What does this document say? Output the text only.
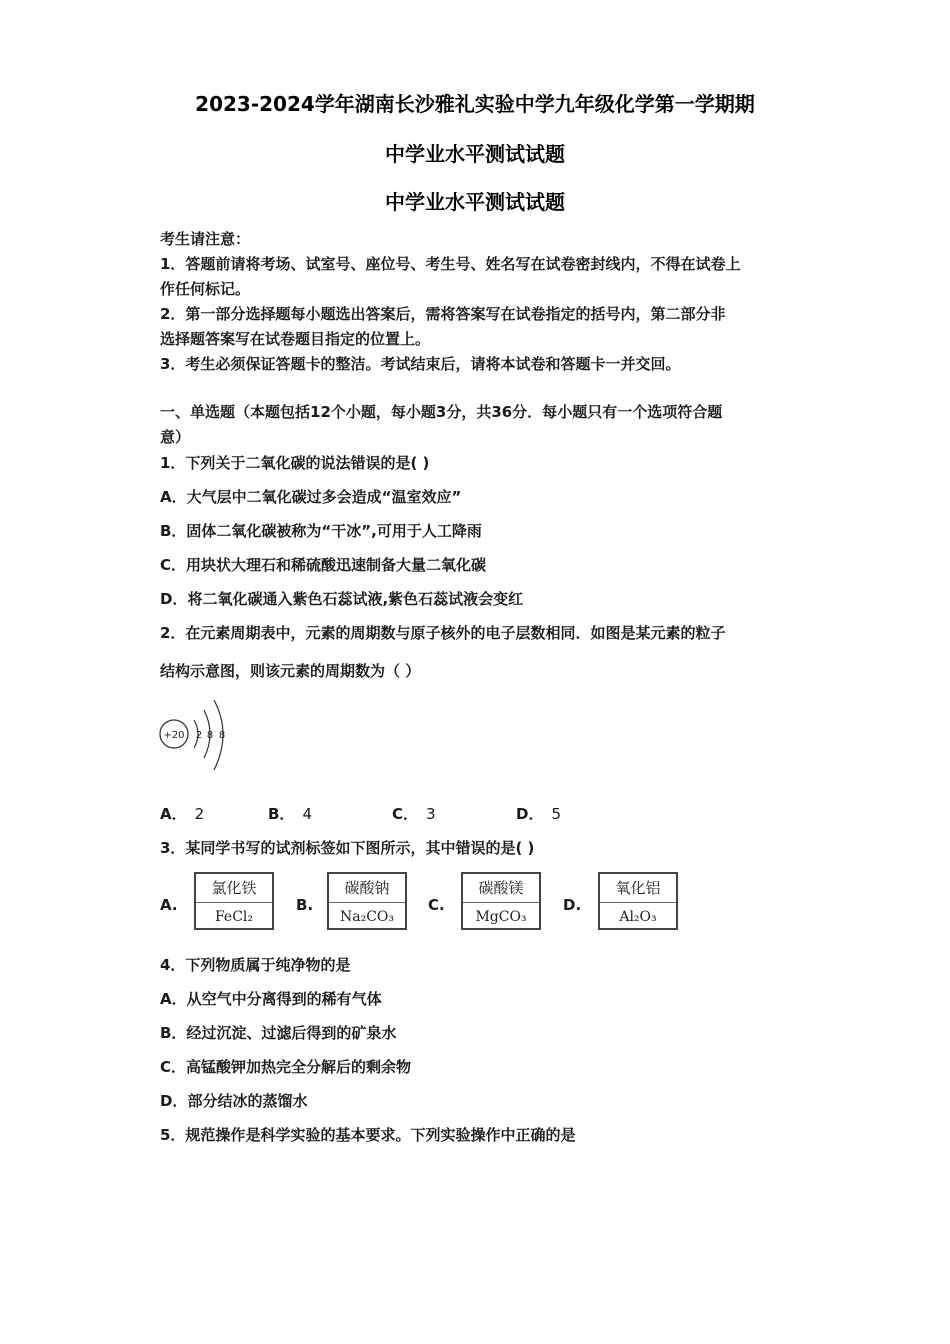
2023-2024学年湖南长沙雅礼实验中学九年级化学第一学期期
中学业水平测试试题
中学业水平测试试题
考生请注意：
1．答题前请将考场、试室号、座位号、考生号、姓名写在试卷密封线内，不得在试卷上
作任何标记。
2．第一部分选择题每小题选出答案后，需将答案写在试卷指定的括号内，第二部分非
选择题答案写在试卷题目指定的位置上。
3．考生必须保证答题卡的整洁。考试结束后，请将本试卷和答题卡一并交回。
一、单选题（本题包括12个小题，每小题3分，共36分．每小题只有一个选项符合题
意）
1．下列关于二氧化碳的说法错误的是( )
A．大气层中二氧化碳过多会造成“温室效应”
B．固体二氧化碳被称为“干冰”,可用于人工降雨
C．用块状大理石和稀硫酸迅速制备大量二氧化碳
D．将二氧化碳通入紫色石蕊试液,紫色石蕊试液会变红
2．在元素周期表中，元素的周期数与原子核外的电子层数相同．如图是某元素的粒子
结构示意图，则该元素的周期数为（ ）
+20 2 8 8
A． 2	B． 4	C． 3	D． 5
3．某同学书写的试剂标签如下图所示，其中错误的是( )
A.
氯化铁
FeCl₂
B.
碳酸钠
Na₂CO₃
C.
碳酸镁
MgCO₃
D.
氧化铝
Al₂O₃
4．下列物质属于纯净物的是
A．从空气中分离得到的稀有气体
B．经过沉淀、过滤后得到的矿泉水
C．高锰酸钾加热完全分解后的剩余物
D．部分结冰的蒸馏水
5．规范操作是科学实验的基本要求。下列实验操作中正确的是
